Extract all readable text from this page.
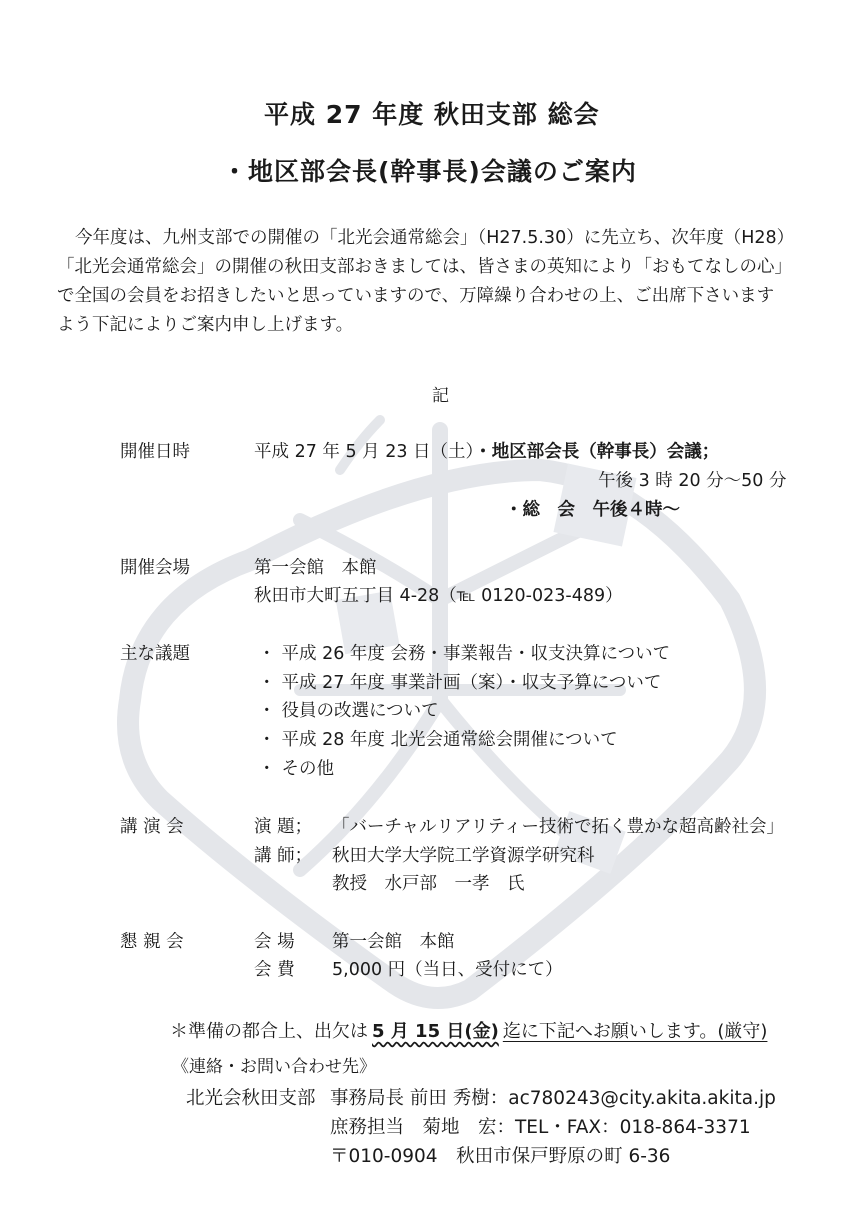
平成 27 年度 秋田支部 総会
・地区部会長(幹事長)会議のご案内
今年度は、九州支部での開催の「北光会通常総会」（H27.5.30）に先立ち、次年度（H28）
「北光会通常総会」の開催の秋田支部おきましては、皆さまの英知により「おもてなしの心」
で全国の会員をお招きしたいと思っていますので、万障繰り合わせの上、ご出席下さいます
よう下記によりご案内申し上げます。
記
開催日時	平成 27 年 5 月 23 日（土）・地区部会長（幹事長）会議；
午後 3 時 20 分～50 分
・総　会　午後４時～
開催会場	第一会館　本館
秋田市大町五丁目 4-28（℡ 0120-023-489）
主な議題	・ 平成 26 年度 会務・事業報告・収支決算について
・ 平成 27 年度 事業計画（案）・収支予算について
・ 役員の改選について
・ 平成 28 年度 北光会通常総会開催について
・ その他
講 演 会	演 題； 「バーチャルリアリティー技術で拓く豊かな超高齢社会」
講 師； 秋田大学大学院工学資源学研究科
教授　水戸部　一孝　氏
懇 親 会	会 場 第一会館　本館
会 費 5,000 円（当日、受付にて）
＊準備の都合上、出欠は 5 月 15 日(金) 迄に下記へお願いします。(厳守)
《連絡・お問い合わせ先》
北光会秋田支部 事務局長 前田 秀樹：ac780243@city.akita.akita.jp
庶務担当　菊地　宏：TEL・FAX：018-864-3371
〒010-0904　秋田市保戸野原の町 6-36
